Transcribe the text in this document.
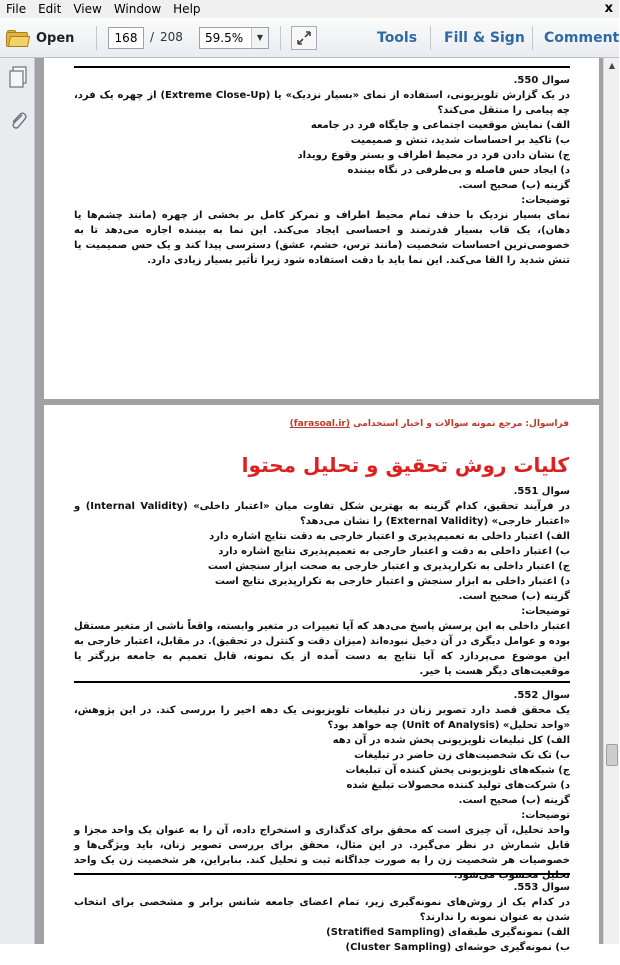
File	Edit	View	Window	Help	x
Open	168	/ 208	59.5%	▼	Tools Fill & Sign Comment
سوال 550.
در یک گزارش تلویزیونی، استفاده از نمای «بسیار نزدیک» یا (Extreme Close-Up) از چهره یک فرد، چه پیامی را منتقل می‌کند؟
الف) نمایش موقعیت اجتماعی و جایگاه فرد در جامعه
ب) تاکید بر احساسات شدید، تنش و صمیمیت
ج) نشان دادن فرد در محیط اطراف و بستر وقوع رویداد
د) ایجاد حس فاصله و بی‌طرفی در نگاه بیننده
گزینه (ب) صحیح است.
توضیحات:
نمای بسیار نزدیک با حذف تمام محیط اطراف و تمرکز کامل بر بخشی از چهره (مانند چشم‌ها یا دهان)، یک قاب بسیار قدرتمند و احساسی ایجاد می‌کند. این نما به بیننده اجازه می‌دهد تا به خصوصی‌ترین احساسات شخصیت (مانند ترس، خشم، عشق) دسترسی پیدا کند و یک حس صمیمیت یا تنش شدید را القا می‌کند. این نما باید با دقت استفاده شود زیرا تأثیر بسیار زیادی دارد.
فراسوال: مرجع نمونه سوالات و اخبار استخدامی (farasoal.ir)
کلیات روش تحقیق و تحلیل محتوا
سوال 551.
در فرآیند تحقیق، کدام گزینه به بهترین شکل تفاوت میان «اعتبار داخلی» (Internal Validity) و «اعتبار خارجی» (External Validity) را نشان می‌دهد؟
الف) اعتبار داخلی به تعمیم‌پذیری و اعتبار خارجی به دقت نتایج اشاره دارد
ب) اعتبار داخلی به دقت و اعتبار خارجی به تعمیم‌پذیری نتایج اشاره دارد
ج) اعتبار داخلی به تکرارپذیری و اعتبار خارجی به صحت ابزار سنجش است
د) اعتبار داخلی به ابزار سنجش و اعتبار خارجی به تکرارپذیری نتایج است
گزینه (ب) صحیح است.
توضیحات:
اعتبار داخلی به این پرسش پاسخ می‌دهد که آیا تغییرات در متغیر وابسته، واقعاً ناشی از متغیر مستقل بوده و عوامل دیگری در آن دخیل نبوده‌اند (میزان دقت و کنترل در تحقیق). در مقابل، اعتبار خارجی به این موضوع می‌پردازد که آیا نتایج به دست آمده از یک نمونه، قابل تعمیم به جامعه بزرگتر یا موقعیت‌های دیگر هست یا خیر.
سوال 552.
یک محقق قصد دارد تصویر زنان در تبلیغات تلویزیونی یک دهه اخیر را بررسی کند. در این پژوهش، «واحد تحلیل» (Unit of Analysis) چه خواهد بود؟
الف) کل تبلیغات تلویزیونی پخش شده در آن دهه
ب) تک تک شخصیت‌های زن حاضر در تبلیغات
ج) شبکه‌های تلویزیونی پخش کننده آن تبلیغات
د) شرکت‌های تولید کننده محصولات تبلیغ شده
گزینه (ب) صحیح است.
توضیحات:
واحد تحلیل، آن چیزی است که محقق برای کدگذاری و استخراج داده، آن را به عنوان یک واحد مجزا و قابل شمارش در نظر می‌گیرد. در این مثال، محقق برای بررسی تصویر زنان، باید ویژگی‌ها و خصوصیات هر شخصیت زن را به صورت جداگانه ثبت و تحلیل کند. بنابراین، هر شخصیت زن یک واحد تحلیل محسوب می‌شود.
سوال 553.
در کدام یک از روش‌های نمونه‌گیری زیر، تمام اعضای جامعه شانس برابر و مشخصی برای انتخاب شدن به عنوان نمونه را ندارند؟
الف) نمونه‌گیری طبقه‌ای (Stratified Sampling)
ب) نمونه‌گیری خوشه‌ای (Cluster Sampling)
▲
